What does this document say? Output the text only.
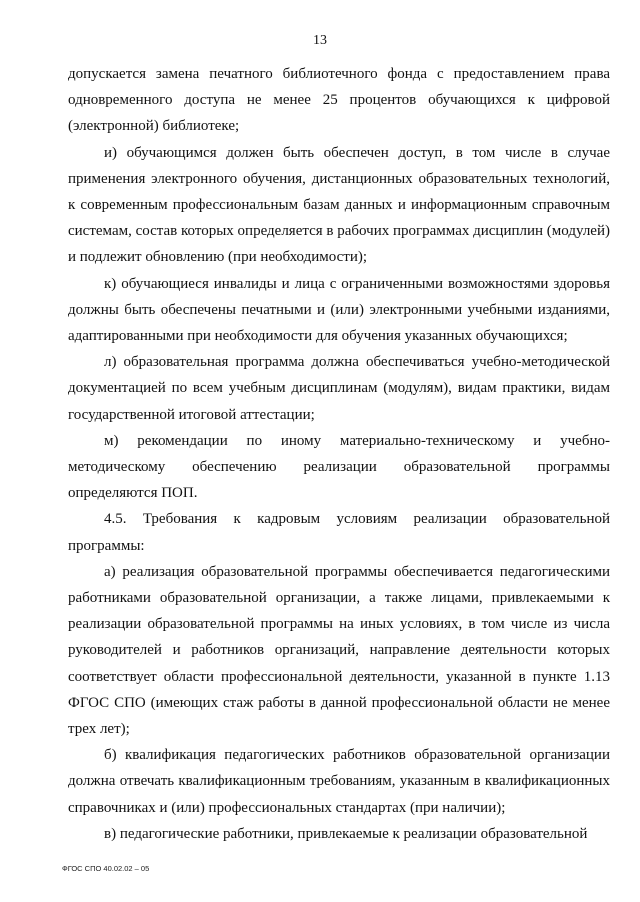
13

допускается замена печатного библиотечного фонда с предоставлением права одновременного доступа не менее 25 процентов обучающихся к цифровой (электронной) библиотеке;

и) обучающимся должен быть обеспечен доступ, в том числе в случае применения электронного обучения, дистанционных образовательных технологий, к современным профессиональным базам данных и информационным справочным системам, состав которых определяется в рабочих программах дисциплин (модулей) и подлежит обновлению (при необходимости);

к) обучающиеся инвалиды и лица с ограниченными возможностями здоровья должны быть обеспечены печатными и (или) электронными учебными изданиями, адаптированными при необходимости для обучения указанных обучающихся;

л) образовательная программа должна обеспечиваться учебно-методической документацией по всем учебным дисциплинам (модулям), видам практики, видам государственной итоговой аттестации;

м) рекомендации по иному материально-техническому и учебно-методическому обеспечению реализации образовательной программы определяются ПОП.

4.5. Требования к кадровым условиям реализации образовательной программы:

а) реализация образовательной программы обеспечивается педагогическими работниками образовательной организации, а также лицами, привлекаемыми к реализации образовательной программы на иных условиях, в том числе из числа руководителей и работников организаций, направление деятельности которых соответствует области профессиональной деятельности, указанной в пункте 1.13 ФГОС СПО (имеющих стаж работы в данной профессиональной области не менее трех лет);

б) квалификация педагогических работников образовательной организации должна отвечать квалификационным требованиям, указанным в квалификационных справочниках и (или) профессиональных стандартах (при наличии);

в) педагогические работники, привлекаемые к реализации образовательной

ФГОС СПО 40.02.02 – 05
